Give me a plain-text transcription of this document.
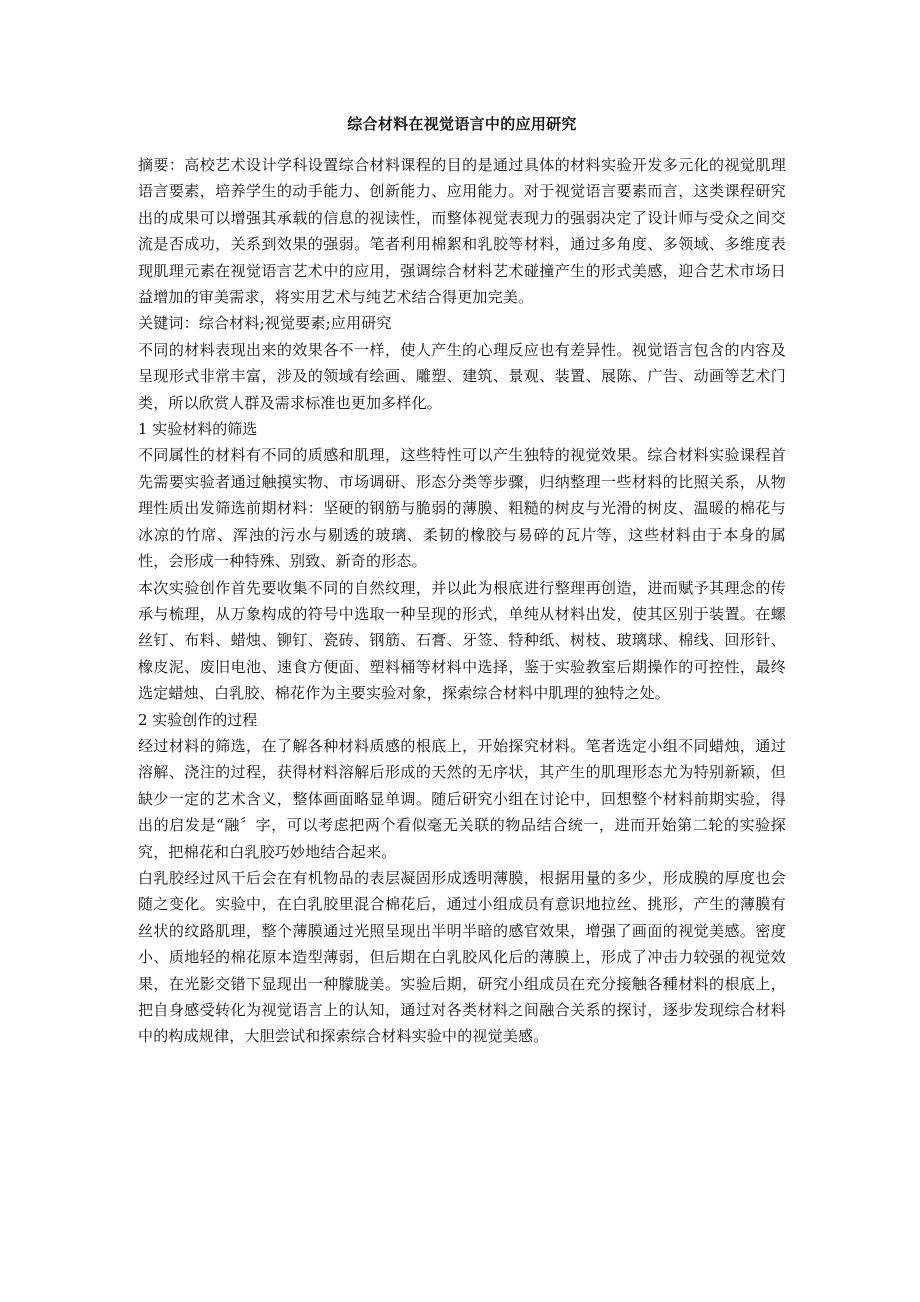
综合材料在视觉语言中的应用研究

摘要：高校艺术设计学科设置综合材料课程的目的是通过具体的材料实验开发多元化的视觉肌理语言要素，培养学生的动手能力、创新能力、应用能力。对于视觉语言要素而言，这类课程研究出的成果可以增强其承载的信息的视读性，而整体视觉表现力的强弱决定了设计师与受众之间交流是否成功，关系到效果的强弱。笔者利用棉絮和乳胶等材料，通过多角度、多领域、多维度表现肌理元素在视觉语言艺术中的应用，强调综合材料艺术碰撞产生的形式美感，迎合艺术市场日益增加的审美需求，将实用艺术与纯艺术结合得更加完美。

关键词：综合材料;视觉要素;应用研究

不同的材料表现出来的效果各不一样，使人产生的心理反应也有差异性。视觉语言包含的内容及呈现形式非常丰富，涉及的领域有绘画、雕塑、建筑、景观、装置、展陈、广告、动画等艺术门类，所以欣赏人群及需求标准也更加多样化。

1 实验材料的筛选

不同属性的材料有不同的质感和肌理，这些特性可以产生独特的视觉效果。综合材料实验课程首先需要实验者通过触摸实物、市场调研、形态分类等步骤，归纳整理一些材料的比照关系，从物理性质出发筛选前期材料：坚硬的钢筋与脆弱的薄膜、粗糙的树皮与光滑的树皮、温暖的棉花与冰凉的竹席、浑浊的污水与剔透的玻璃、柔韧的橡胶与易碎的瓦片等，这些材料由于本身的属性，会形成一种特殊、别致、新奇的形态。

本次实验创作首先要收集不同的自然纹理，并以此为根底进行整理再创造，进而赋予其理念的传承与梳理，从万象构成的符号中选取一种呈现的形式，单纯从材料出发，使其区别于装置。在螺丝钉、布料、蜡烛、铆钉、瓷砖、钢筋、石膏、牙签、特种纸、树枝、玻璃球、棉线、回形针、橡皮泥、废旧电池、速食方便面、塑料桶等材料中选择，鉴于实验教室后期操作的可控性，最终选定蜡烛、白乳胶、棉花作为主要实验对象，探索综合材料中肌理的独特之处。

2 实验创作的过程

经过材料的筛选，在了解各种材料质感的根底上，开始探究材料。笔者选定小组不同蜡烛，通过溶解、浇注的过程，获得材料溶解后形成的天然的无序状，其产生的肌理形态尤为特别新颖，但缺少一定的艺术含义，整体画面略显单调。随后研究小组在讨论中，回想整个材料前期实验，得出的启发是“融〞字，可以考虑把两个看似毫无关联的物品结合统一，进而开始第二轮的实验探究，把棉花和白乳胶巧妙地结合起来。

白乳胶经过风干后会在有机物品的表层凝固形成透明薄膜，根据用量的多少，形成膜的厚度也会随之变化。实验中，在白乳胶里混合棉花后，通过小组成员有意识地拉丝、挑形，产生的薄膜有丝状的纹路肌理，整个薄膜通过光照呈现出半明半暗的感官效果，增强了画面的视觉美感。密度小、质地轻的棉花原本造型薄弱，但后期在白乳胶风化后的薄膜上，形成了冲击力较强的视觉效果，在光影交错下显现出一种朦胧美。实验后期，研究小组成员在充分接触各種材料的根底上，把自身感受转化为视觉语言上的认知，通过对各类材料之间融合关系的探讨，逐步发现综合材料中的构成规律，大胆尝试和探索综合材料实验中的视觉美感。
